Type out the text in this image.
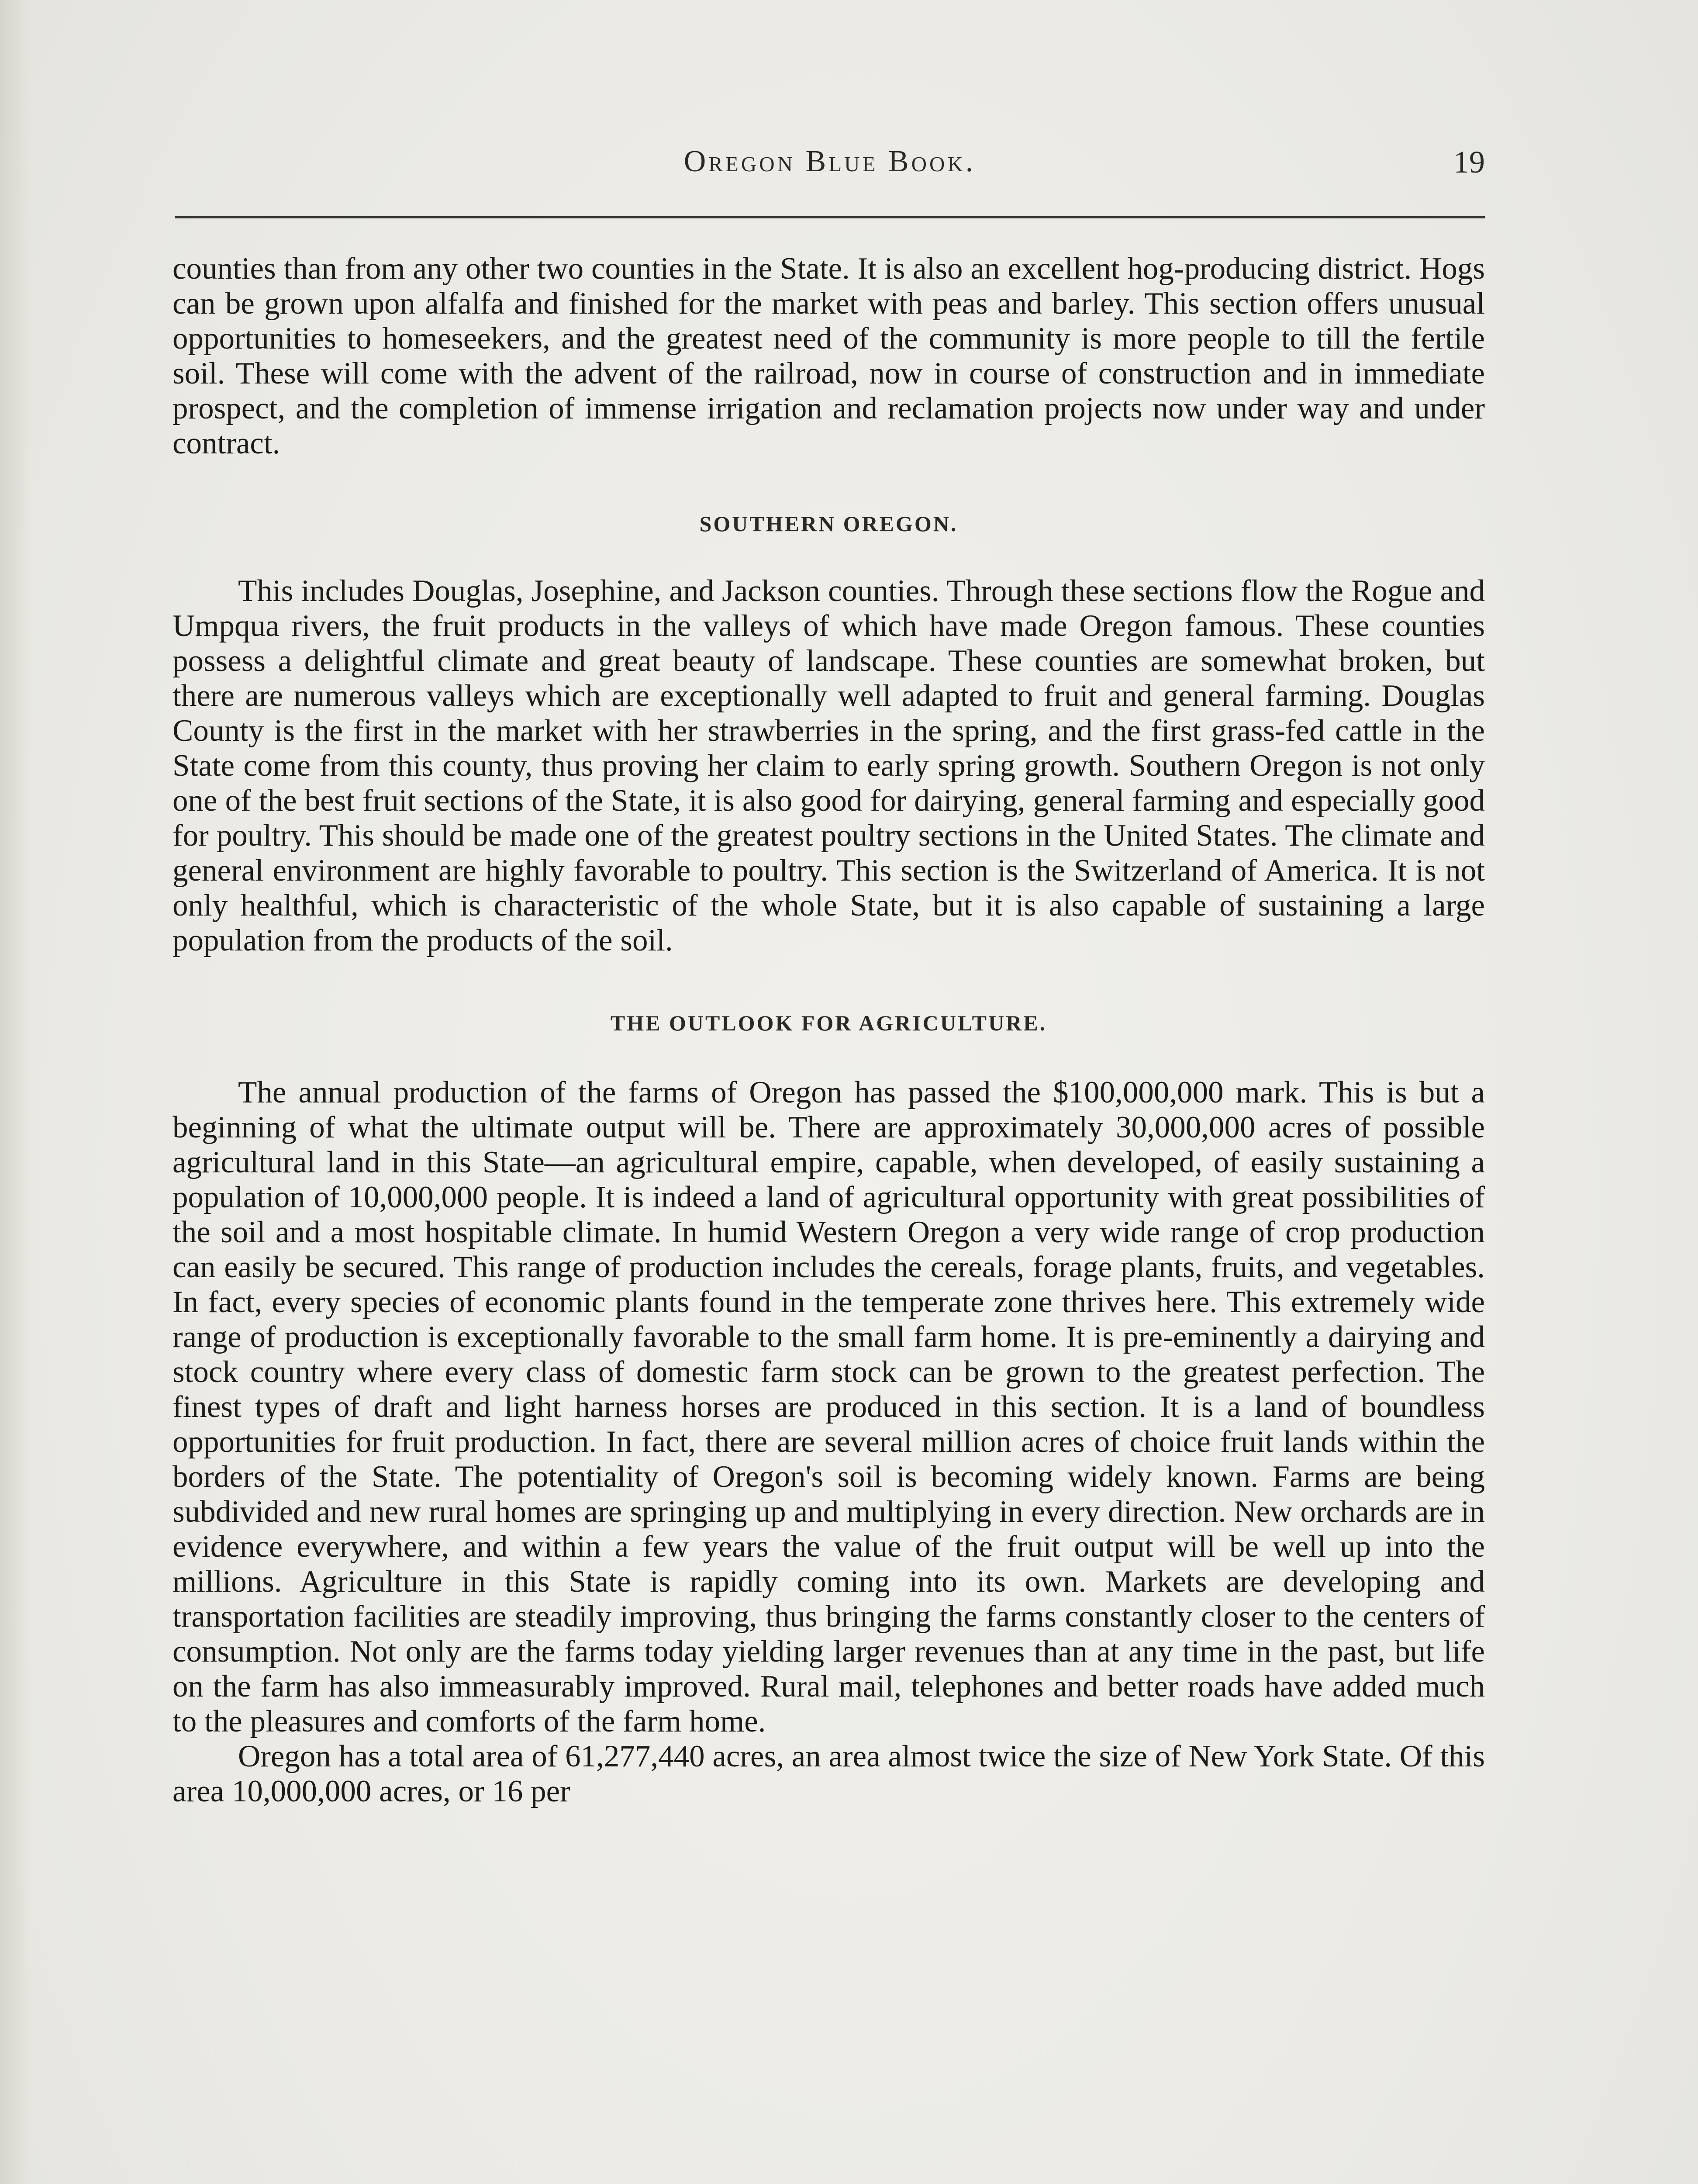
Oregon Blue Book.	19

counties than from any other two counties in the State. It is also an excellent hog-producing district. Hogs can be grown upon alfalfa and finished for the market with peas and barley. This section offers unusual opportunities to homeseekers, and the greatest need of the community is more people to till the fertile soil. These will come with the advent of the railroad, now in course of construction and in immediate prospect, and the completion of immense irrigation and reclamation projects now under way and under contract.

SOUTHERN OREGON.

This includes Douglas, Josephine, and Jackson counties. Through these sections flow the Rogue and Umpqua rivers, the fruit products in the valleys of which have made Oregon famous. These counties possess a delightful climate and great beauty of landscape. These counties are somewhat broken, but there are numerous valleys which are exceptionally well adapted to fruit and general farming. Douglas County is the first in the market with her strawberries in the spring, and the first grass-fed cattle in the State come from this county, thus proving her claim to early spring growth. Southern Oregon is not only one of the best fruit sections of the State, it is also good for dairying, general farming and especially good for poultry. This should be made one of the greatest poultry sections in the United States. The climate and general environment are highly favorable to poultry. This section is the Switzerland of America. It is not only healthful, which is characteristic of the whole State, but it is also capable of sustaining a large population from the products of the soil.

THE OUTLOOK FOR AGRICULTURE.

The annual production of the farms of Oregon has passed the $100,000,000 mark. This is but a beginning of what the ultimate output will be. There are approximately 30,000,000 acres of possible agricultural land in this State—an agricultural empire, capable, when developed, of easily sustaining a population of 10,000,000 people. It is indeed a land of agricultural opportunity with great possibilities of the soil and a most hospitable climate. In humid Western Oregon a very wide range of crop production can easily be secured. This range of production includes the cereals, forage plants, fruits, and vegetables. In fact, every species of economic plants found in the temperate zone thrives here. This extremely wide range of production is exceptionally favorable to the small farm home. It is pre-eminently a dairying and stock country where every class of domestic farm stock can be grown to the greatest perfection. The finest types of draft and light harness horses are produced in this section. It is a land of boundless opportunities for fruit production. In fact, there are several million acres of choice fruit lands within the borders of the State. The potentiality of Oregon's soil is becoming widely known. Farms are being subdivided and new rural homes are springing up and multiplying in every direction. New orchards are in evidence everywhere, and within a few years the value of the fruit output will be well up into the millions. Agriculture in this State is rapidly coming into its own. Markets are developing and transportation facilities are steadily improving, thus bringing the farms constantly closer to the centers of consumption. Not only are the farms today yielding larger revenues than at any time in the past, but life on the farm has also immeasurably improved. Rural mail, telephones and better roads have added much to the pleasures and comforts of the farm home.

Oregon has a total area of 61,277,440 acres, an area almost twice the size of New York State. Of this area 10,000,000 acres, or 16 per
